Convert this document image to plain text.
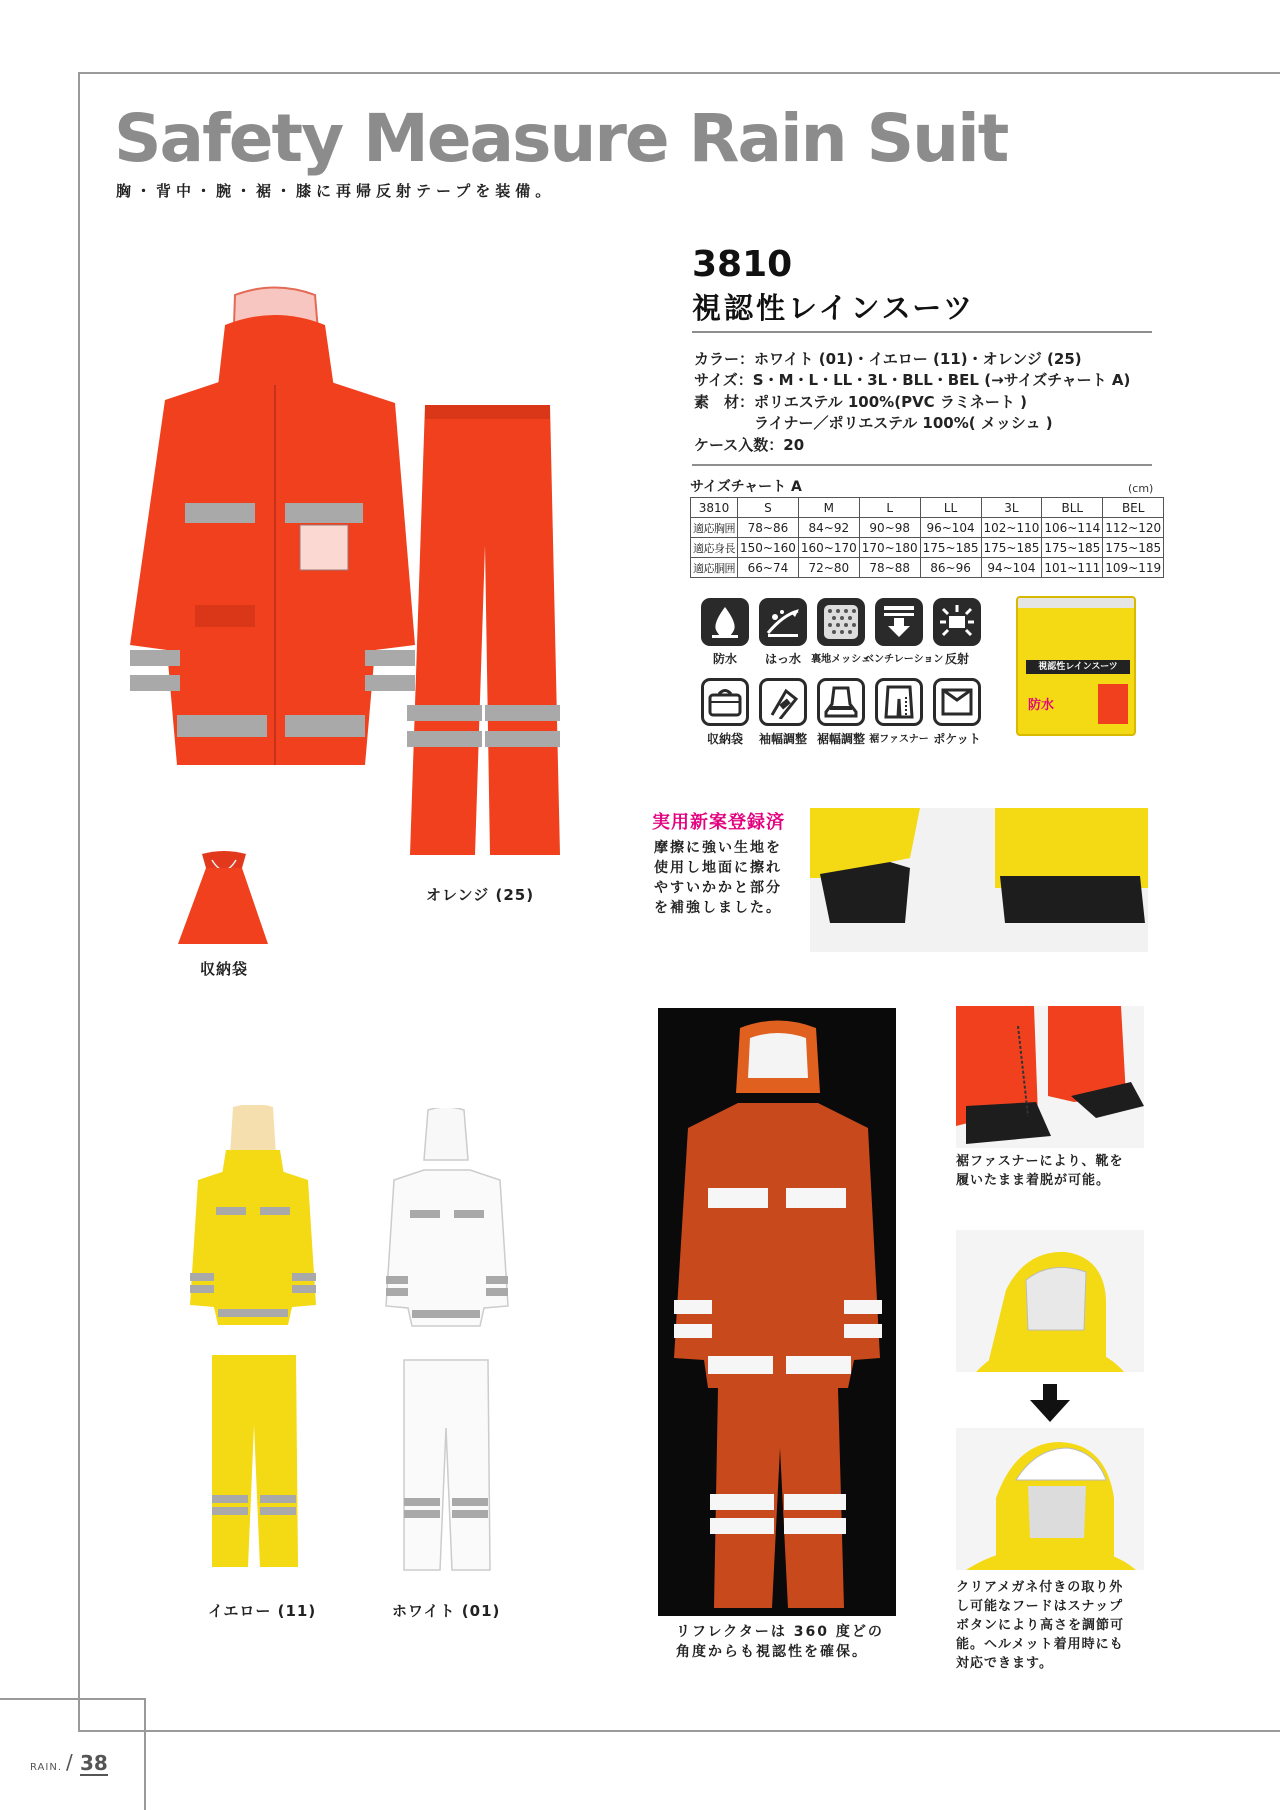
Safety Measure Rain Suit
胸・背中・腕・裾・膝に再帰反射テープを装備。
オレンジ (25)
収納袋
3810
視認性レインスーツ
カラー：ホワイト (01)・イエロー (11)・オレンジ (25)
サイズ：S・M・L・LL・3L・BLL・BEL (→サイズチャート A)
素　材：ポリエステル 100%(PVC ラミネート )
　　　　ライナー／ポリエステル 100%( メッシュ )
ケース入数：20
サイズチャート A	(cm)
3810	S	M	L	LL	3L	BLL	BEL
適応胸囲	78~86	84~92	90~98	96~104	102~110	106~114	112~120
適応身長	150~160	160~170	170~180	175~185	175~185	175~185	175~185
適応胴囲	66~74	72~80	78~88	86~96	94~104	101~111	109~119
防水	はっ水	裏地メッシュ
ベンチレーション 反射
収納袋	袖幅調整 裾幅調整 裾ファスナー ポケット
視認性レインスーツ
防水
実用新案登録済
摩擦に強い生地を
使用し地面に擦れ
やすいかかと部分
を補強しました。
イエロー (11)	ホワイト (01)
リフレクターは 360 度どの
角度からも視認性を確保。
裾ファスナーにより、靴を
履いたまま着脱が可能。
クリアメガネ付きの取り外
し可能なフードはスナップ
ボタンにより高さを調節可
能。ヘルメット着用時にも
対応できます。
RAIN. / 38
